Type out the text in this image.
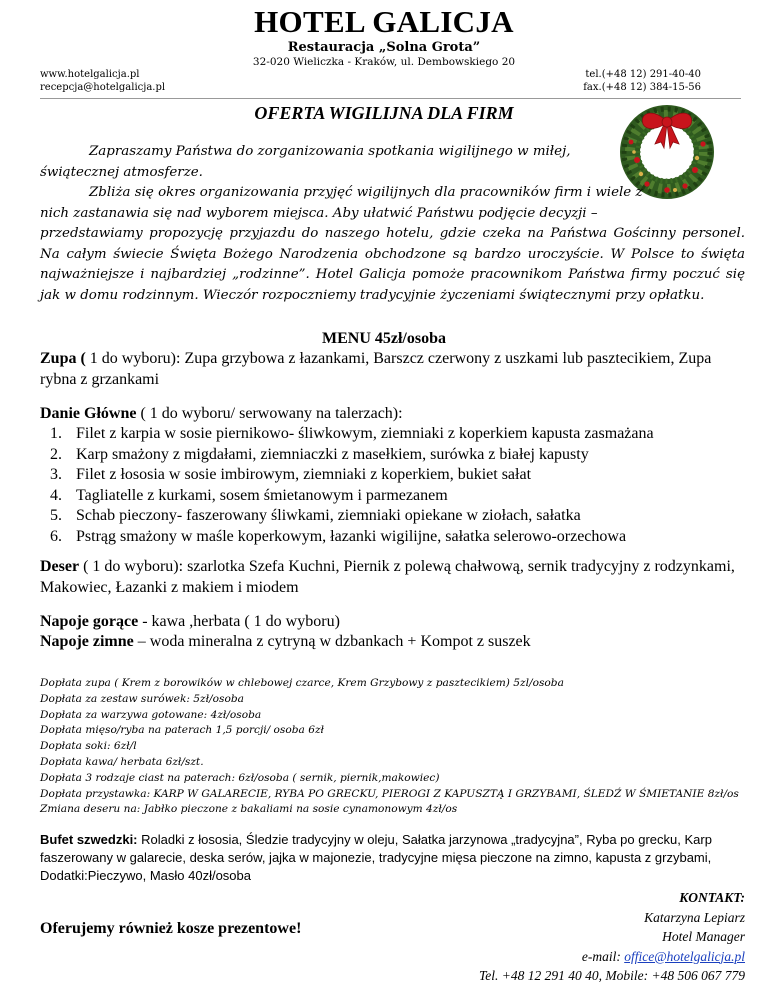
HOTEL GALICJA
Restauracja „Solna Grota”
32-020 Wieliczka - Kraków, ul. Dembowskiego 20
www.hotelgalicja.pl
recepcja@hotelgalicja.pl
tel.(+48 12) 291-40-40
fax.(+48 12) 384-15-56
OFERTA WIGILIJNA DLA FIRM

Zapraszamy Państwa do zorganizowania spotkania wigilijnego w miłej, świątecznej atmosferze.

Zbliża się okres organizowania przyjęć wigilijnych dla pracowników firm i wiele z nich zastanawia się nad wyborem miejsca. Aby ułatwić Państwu podjęcie decyzji –

przedstawiamy propozycję przyjazdu do naszego hotelu, gdzie czeka na Państwa Gościnny personel. Na całym świecie Święta Bożego Narodzenia obchodzone są bardzo uroczyście. W Polsce to święta najważniejsze i najbardziej „rodzinne”. Hotel Galicja pomoże pracownikom Państwa firmy poczuć się jak w domu rodzinnym. Wieczór rozpoczniemy tradycyjnie życzeniami świątecznymi przy opłatku.

MENU 45zł/osoba
Zupa ( 1 do wyboru): Zupa grzybowa z łazankami, Barszcz czerwony z uszkami lub pasztecikiem, Zupa rybna z grzankami
Danie Główne ( 1 do wyboru/ serwowany na talerzach):
1. Filet z karpia w sosie piernikowo- śliwkowym, ziemniaki z koperkiem kapusta zasmażana
2. Karp smażony z migdałami, ziemniaczki z masełkiem, surówka z białej kapusty
3. Filet z łososia w sosie imbirowym, ziemniaki z koperkiem, bukiet sałat
4. Tagliatelle z kurkami, sosem śmietanowym i parmezanem
5. Schab pieczony- faszerowany śliwkami, ziemniaki opiekane w ziołach, sałatka
6. Pstrąg smażony w maśle koperkowym, łazanki wigilijne, sałatka selerowo-orzechowa
Deser ( 1 do wyboru): szarlotka Szefa Kuchni, Piernik z polewą chałwową, sernik tradycyjny z rodzynkami, Makowiec, Łazanki z makiem i miodem
Napoje gorące - kawa ,herbata ( 1 do wyboru)
Napoje zimne – woda mineralna z cytryną w dzbankach + Kompot z suszek
Dopłata zupa ( Krem z borowików w chlebowej czarce, Krem Grzybowy z pasztecikiem) 5zl/osoba
Dopłata za zestaw surówek: 5zł/osoba
Dopłata za warzywa gotowane: 4zł/osoba
Dopłata mięso/ryba na paterach 1,5 porcji/ osoba 6zł
Dopłata soki: 6zł/l
Dopłata kawa/ herbata 6zł/szt.
Dopłata 3 rodzaje ciast na paterach: 6zł/osoba ( sernik, piernik,makowiec)
Dopłata przystawka: KARP W GALARECIE, RYBA PO GRECKU, PIEROGI Z KAPUSZTĄ I GRZYBAMI, ŚLEDŹ W ŚMIETANIE 8zł/os
Zmiana deseru na: Jabłko pieczone z bakaliami na sosie cynamonowym 4zł/os
Bufet szwedzki: Roladki z łososia, Śledzie tradycyjny w oleju, Sałatka jarzynowa „tradycyjna”, Ryba po grecku, Karp faszerowany w galarecie, deska serów, jajka w majonezie, tradycyjne mięsa pieczone na zimno, kapusta z grzybami, Dodatki:Pieczywo, Masło 40zł/osoba
Oferujemy również kosze prezentowe!
KONTAKT:
Katarzyna Lepiarz
Hotel Manager
e-mail: office@hotelgalicja.pl
Tel. +48 12 291 40 40, Mobile: +48 506 067 779
